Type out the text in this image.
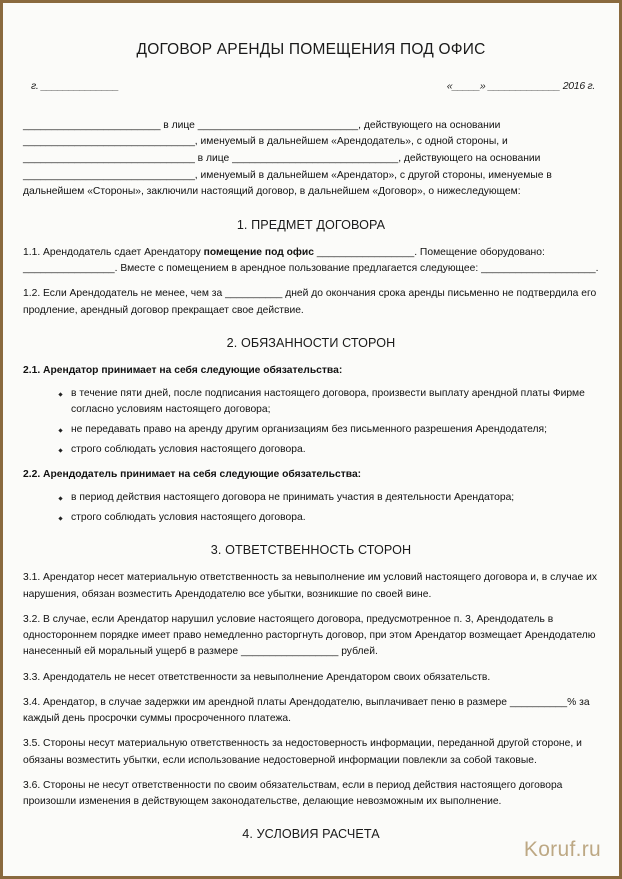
ДОГОВОР АРЕНДЫ ПОМЕЩЕНИЯ ПОД ОФИС
г. ______________	«_____» _____________ 2016 г.

________________________ в лице ____________________________, действующего на основании ______________________________, именуемый в дальнейшем «Арендодатель», с одной стороны, и ______________________________ в лице _____________________________, действующего на основании ______________________________, именуемый в дальнейшем «Арендатор», с другой стороны, именуемые в дальнейшем «Стороны», заключили настоящий договор, в дальнейшем «Договор», о нижеследующем:

1. ПРЕДМЕТ ДОГОВОРА

1.1. Арендодатель сдает Арендатору помещение под офис _________________. Помещение оборудовано: ________________. Вместе с помещением в арендное пользование предлагается следующее: ____________________.

1.2. Если Арендодатель не менее, чем за __________ дней до окончания срока аренды письменно не подтвердила его продление, арендный договор прекращает свое действие.

2. ОБЯЗАННОСТИ СТОРОН

2.1. Арендатор принимает на себя следующие обязательства:

в течение пяти дней, после подписания настоящего договора, произвести выплату арендной платы Фирме согласно условиям настоящего договора;
не передавать право на аренду другим организациям без письменного разрешения Арендодателя;
строго соблюдать условия настоящего договора.

2.2. Арендодатель принимает на себя следующие обязательства:

в период действия настоящего договора не принимать участия в деятельности Арендатора;
строго соблюдать условия настоящего договора.
3. ОТВЕТСТВЕННОСТЬ СТОРОН

3.1. Арендатор несет материальную ответственность за невыполнение им условий настоящего договора и, в случае их нарушения, обязан возместить Арендодателю все убытки, возникшие по своей вине.

3.2. В случае, если Арендатор нарушил условие настоящего договора, предусмотренное п. 3, Арендодатель в одностороннем порядке имеет право немедленно расторгнуть договор, при этом Арендатор возмещает Арендодателю нанесенный ей моральный ущерб в размере _________________ рублей.

3.3. Арендодатель не несет ответственности за невыполнение Арендатором своих обязательств.

3.4. Арендатор, в случае задержки им арендной платы Арендодателю, выплачивает пеню в размере __________% за каждый день просрочки суммы просроченного платежа.

3.5. Стороны несут материальную ответственность за недостоверность информации, переданной другой стороне, и обязаны возместить убытки, если использование недостоверной информации повлекли за собой таковые.

3.6. Стороны не несут ответственности по своим обязательствам, если в период действия настоящего договора произошли изменения в действующем законодательстве, делающие невозможным их выполнение.

4. УСЛОВИЯ РАСЧЕТА
Koruf.ru
